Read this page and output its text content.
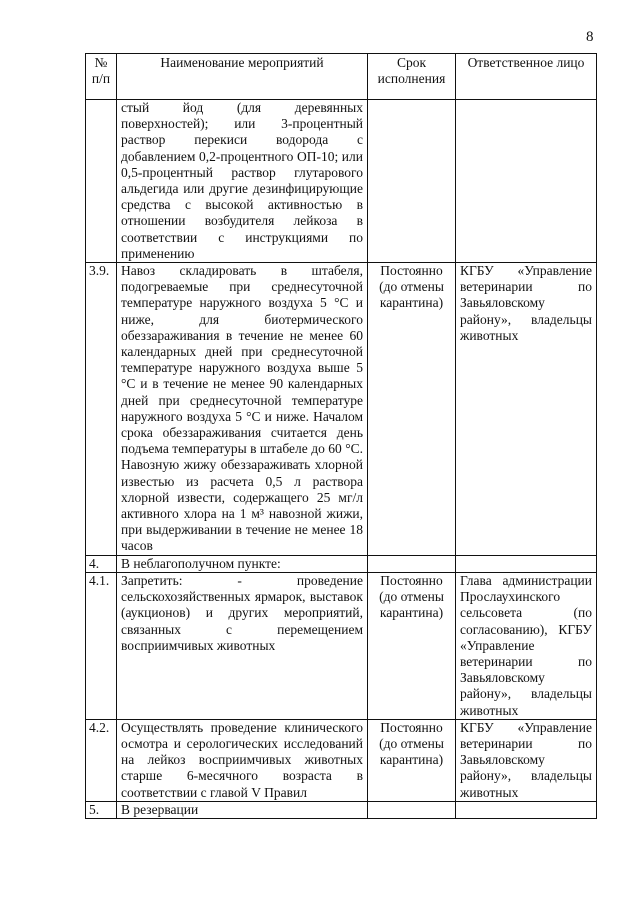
8
№ п/п	Наименование мероприятий	Срок исполнения	Ответственное лицо
	стый йод (для деревянных поверхностей); или 3-процентный раствор перекиси водорода с добавлением 0,2-процентного ОП-10; или 0,5-процентный раствор глутарового альдегида или другие дезинфицирующие средства с высокой активностью в отношении возбудителя лейкоза в соответствии с инструкциями по применению		
3.9.	Навоз складировать в штабеля, подогреваемые при среднесуточной температуре наружного воздуха 5 °С и ниже, для биотермического обеззараживания в течение не менее 60 календарных дней при среднесуточной температуре наружного воздуха выше 5 °С и в течение не менее 90 календарных дней при среднесуточной температуре наружного воздуха 5 °С и ниже. Началом срока обеззараживания считается день подъема температуры в штабеле до 60 °С. Навозную жижу обеззараживать хлорной известью из расчета 0,5 л раствора хлорной извести, содержащего 25 мг/л активного хлора на 1 м³ навозной жижи, при выдерживании в течение не менее 18 часов	Постоянно (до отмены карантина)	КГБУ «Управление ветеринарии по Завьяловскому району», владельцы животных
4.	В неблагополучном пункте:		
4.1.	Запретить: - проведение сельскохозяйственных ярмарок, выставок (аукционов) и других мероприятий, связанных с перемещением восприимчивых животных	Постоянно (до отмены карантина)	Глава администрации Прослаухинского сельсовета (по согласованию), КГБУ «Управление ветеринарии по Завьяловскому району», владельцы животных
4.2.	Осуществлять проведение клинического осмотра и серологических исследований на лейкоз восприимчивых животных старше 6-месячного возраста в соответствии с главой V Правил	Постоянно (до отмены карантина)	КГБУ «Управление ветеринарии по Завьяловскому району», владельцы животных
5.	В резервации		
